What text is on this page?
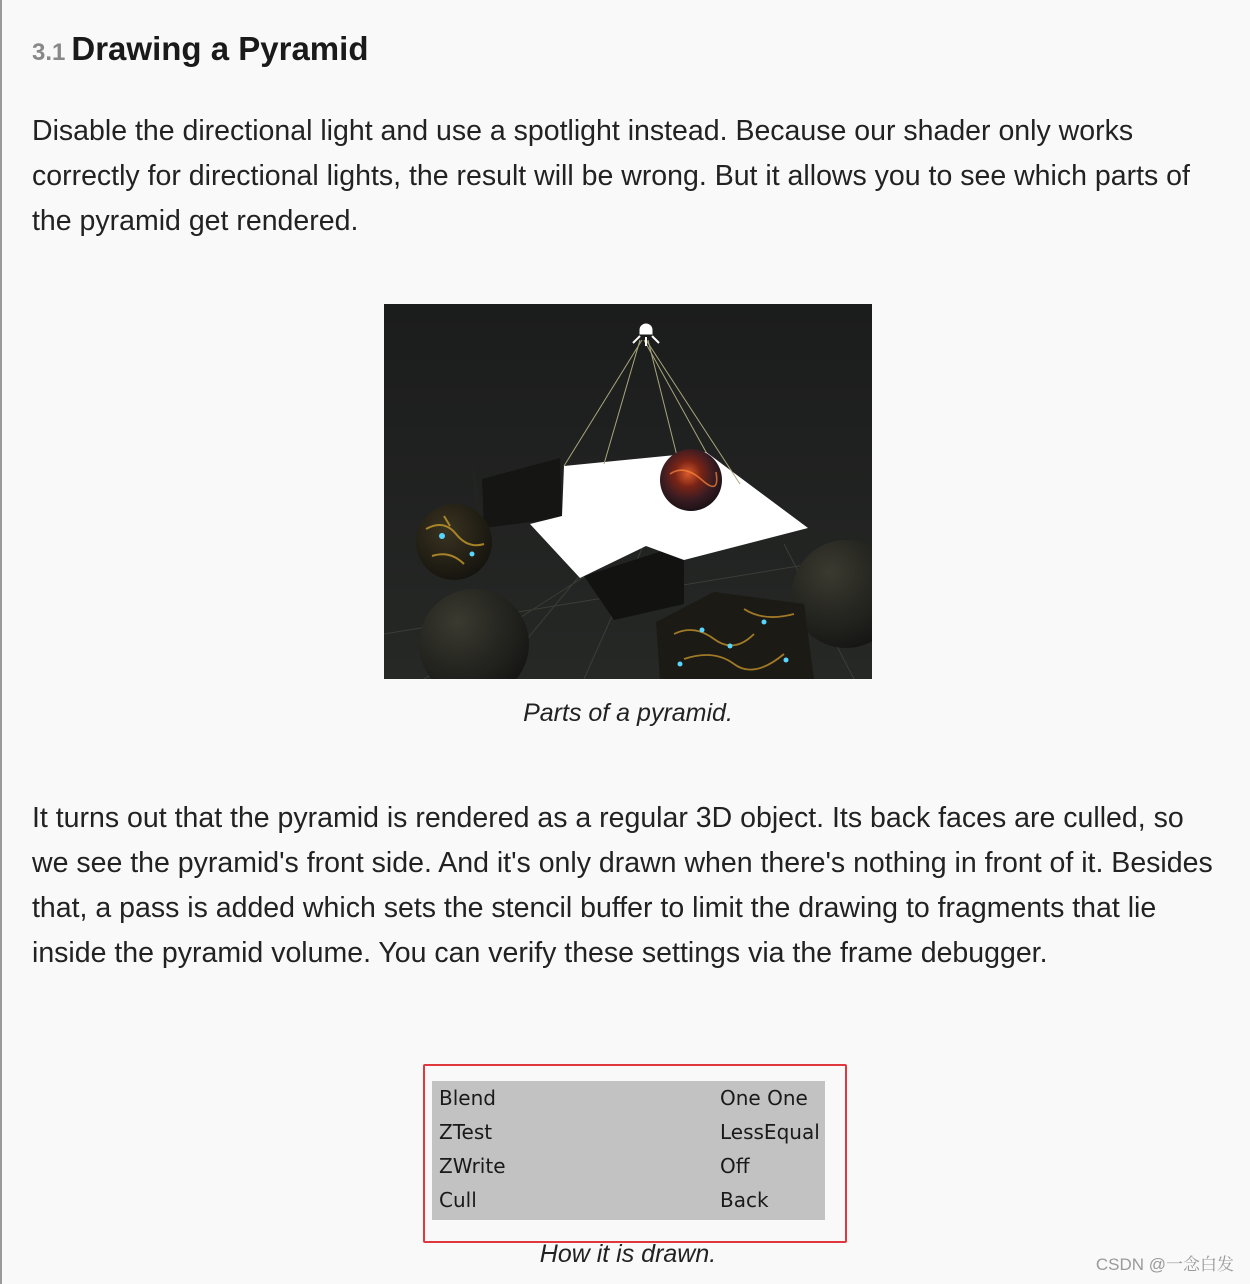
3.1 Drawing a Pyramid

Disable the directional light and use a spotlight instead. Because our shader only works correctly for directional lights, the result will be wrong. But it allows you to see which parts of the pyramid get rendered.

Parts of a pyramid.

It turns out that the pyramid is rendered as a regular 3D object. Its back faces are culled, so we see the pyramid's front side. And it's only drawn when there's nothing in front of it. Besides that, a pass is added which sets the stencil buffer to limit the drawing to fragments that lie inside the pyramid volume. You can verify these settings via the frame debugger.

Blend	One One
ZTest	LessEqual
ZWrite	Off
Cull	Back
How it is drawn.	CSDN @一念白发
